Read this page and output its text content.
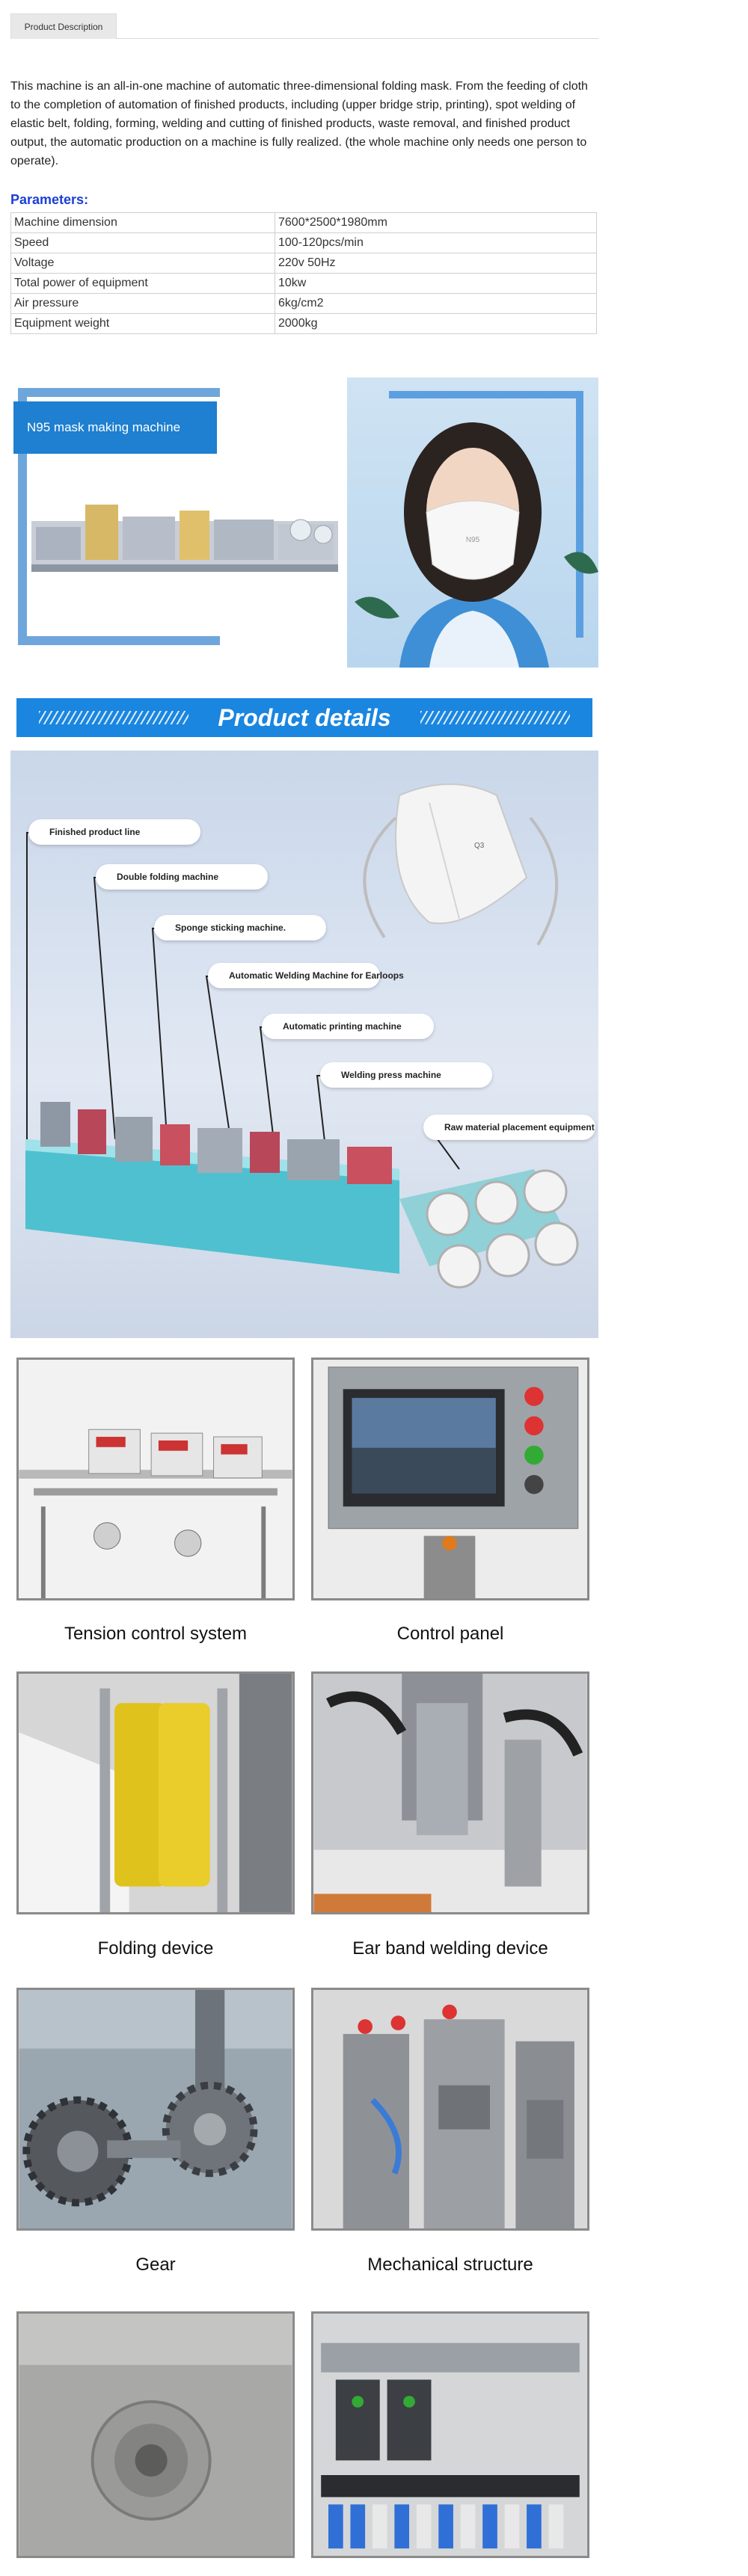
Product Description

This machine is an all-in-one machine of automatic three-dimensional folding mask. From the feeding of cloth to the completion of automation of finished products, including (upper bridge strip, printing), spot welding of elastic belt, folding, forming, welding and cutting of finished products, waste removal, and finished product output, the automatic production on a machine is fully realized. (the whole machine only needs one person to operate).

Parameters:
Machine dimension	7600*2500*1980mm
Speed	100-120pcs/min
Voltage	220v 50Hz
Total power of equipment	10kw
Air pressure	6kg/cm2
Equipment weight	2000kg
N95 mask making machine
N95
Product details
Q3
Finished product line
Double folding machine
Sponge sticking machine.
Automatic Welding Machine for Earloops
Automatic printing machine
Welding press machine
Raw material placement equipment
Tension control system	Control panel
Folding device	Ear band welding device
Gear	Mechanical structure
